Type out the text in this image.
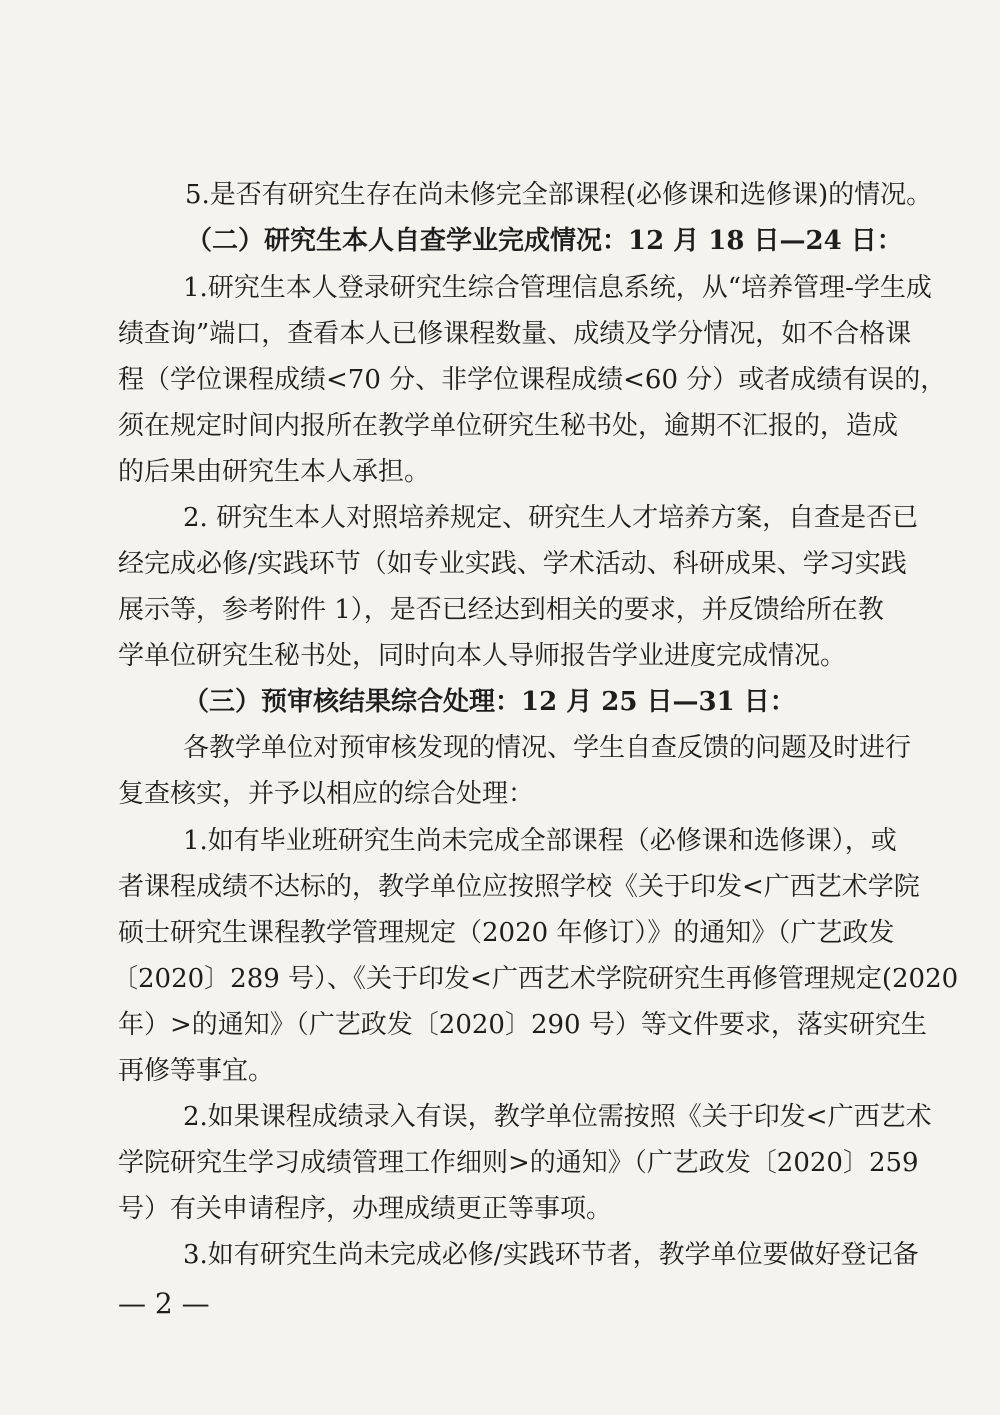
5.是否有研究生存在尚未修完全部课程(必修课和选修课)的情况。
（二）研究生本人自查学业完成情况：12 月 18 日—24 日：
1.研究生本人登录研究生综合管理信息系统，从“培养管理-学生成
绩查询”端口，查看本人已修课程数量、成绩及学分情况，如不合格课
程（学位课程成绩<70 分、非学位课程成绩<60 分）或者成绩有误的，
须在规定时间内报所在教学单位研究生秘书处，逾期不汇报的，造成
的后果由研究生本人承担。
2. 研究生本人对照培养规定、研究生人才培养方案，自查是否已
经完成必修/实践环节（如专业实践、学术活动、科研成果、学习实践
展示等，参考附件 1），是否已经达到相关的要求，并反馈给所在教
学单位研究生秘书处，同时向本人导师报告学业进度完成情况。
（三）预审核结果综合处理：12 月 25 日—31 日：
各教学单位对预审核发现的情况、学生自查反馈的问题及时进行
复查核实，并予以相应的综合处理：
1.如有毕业班研究生尚未完成全部课程（必修课和选修课），或
者课程成绩不达标的，教学单位应按照学校《关于印发<广西艺术学院
硕士研究生课程教学管理规定（2020 年修订）》的通知》（广艺政发
〔2020〕289 号）、《关于印发<广西艺术学院研究生再修管理规定(2020
年）>的通知》（广艺政发〔2020〕290 号）等文件要求，落实研究生
再修等事宜。
2.如果课程成绩录入有误，教学单位需按照《关于印发<广西艺术
学院研究生学习成绩管理工作细则>的通知》（广艺政发〔2020〕259
号）有关申请程序，办理成绩更正等事项。
3.如有研究生尚未完成必修/实践环节者，教学单位要做好登记备
— 2 —
